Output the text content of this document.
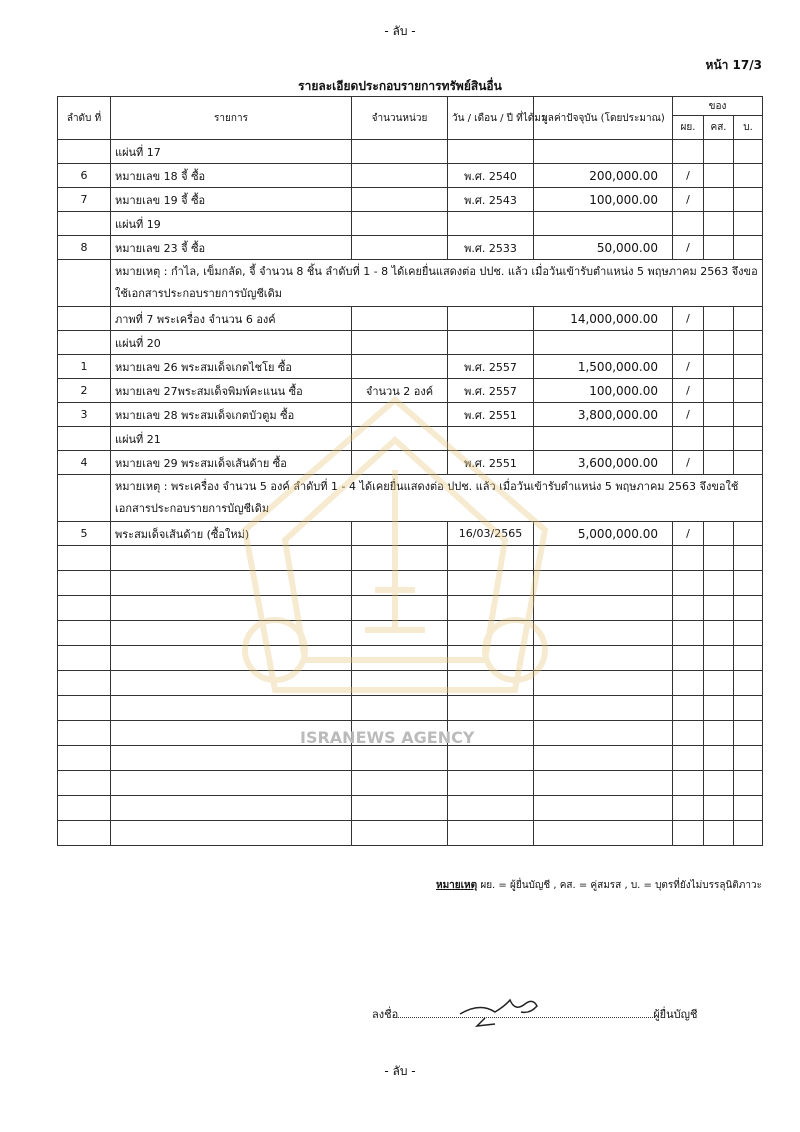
- ลับ -
หน้า 17/3
รายละเอียดประกอบรายการทรัพย์สินอื่น
ลำดับ ที่	รายการ	จำนวนหน่วย	วัน / เดือน / ปี ที่ได้มา	มูลค่าปัจจุบัน (โดยประมาณ)	ของ		
					ผย.	คส.	บ.
	แผ่นที่ 17						
6	หมายเลข 18 จี้ ซื้อ		พ.ศ. 2540	200,000.00	/		
7	หมายเลข 19 จี้ ซื้อ		พ.ศ. 2543	100,000.00	/		
	แผ่นที่ 19						
8	หมายเลข 23 จี้ ซื้อ		พ.ศ. 2533	50,000.00	/		
	หมายเหตุ : กำไล, เข็มกลัด, จี้ จำนวน 8 ชิ้น ลำดับที่ 1 - 8 ได้เคยยื่นแสดงต่อ ปปช. แล้ว เมื่อวันเข้ารับตำแหน่ง 5 พฤษภาคม 2563 จึงขอใช้เอกสารประกอบรายการบัญชีเดิม						
	ภาพที่ 7 พระเครื่อง จำนวน 6 องค์			14,000,000.00	/		
	แผ่นที่ 20						
1	หมายเลข 26 พระสมเด็จเกตไชโย ซื้อ		พ.ศ. 2557	1,500,000.00	/		
2	หมายเลข 27พระสมเด็จพิมพ์คะแนน ซื้อ	จำนวน 2 องค์	พ.ศ. 2557	100,000.00	/		
3	หมายเลข 28 พระสมเด็จเกตบัวตูม ซื้อ		พ.ศ. 2551	3,800,000.00	/		
	แผ่นที่ 21						
4	หมายเลข 29 พระสมเด็จเส้นด้าย ซื้อ		พ.ศ. 2551	3,600,000.00	/		
	หมายเหตุ : พระเครื่อง จำนวน 5 องค์ ลำดับที่ 1 - 4 ได้เคยยื่นแสดงต่อ ปปช. แล้ว เมื่อวันเข้ารับตำแหน่ง 5 พฤษภาคม 2563 จึงขอใช้เอกสารประกอบรายการบัญชีเดิม						
5	พระสมเด็จเส้นด้าย (ซื้อใหม่)		16/03/2565	5,000,000.00	/		

ISRANEWS AGENCY
หมายเหตุ ผย. = ผู้ยื่นบัญชี , คส. = คู่สมรส , บ. = บุตรที่ยังไม่บรรลุนิติภาวะ
ลงชื่อ	ผู้ยื่นบัญชี
- ลับ -
